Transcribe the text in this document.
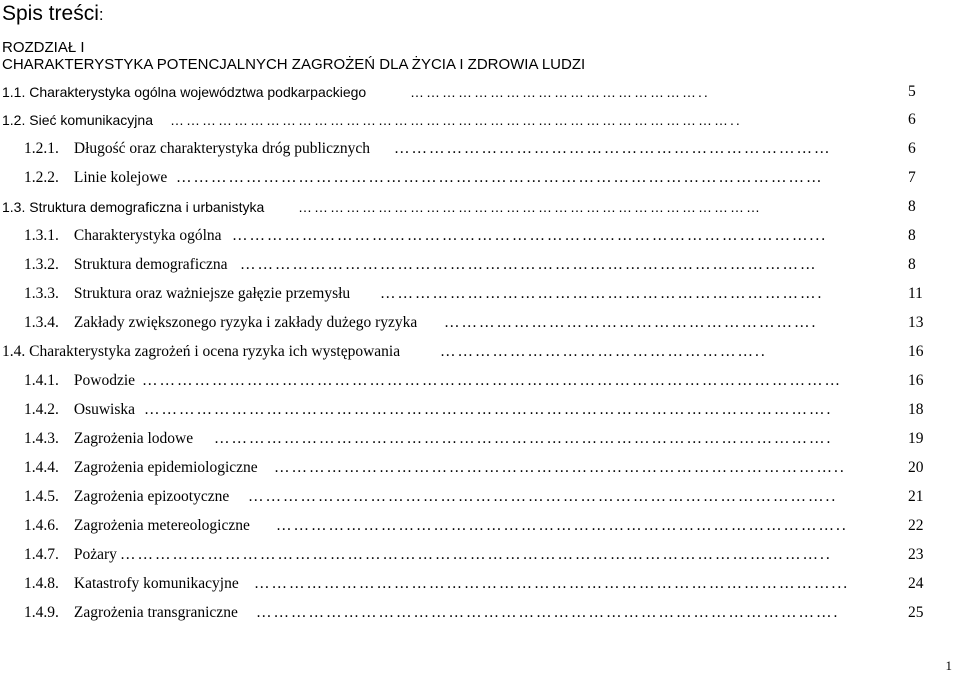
Spis treści:
ROZDZIAŁ I
CHARAKTERYSTYKA POTENCJALNYCH ZAGROŻEŃ DLA ŻYCIA I ZDROWIA LUDZI
1.1. Charakterystyka ogólna województwa podkarpackiego	………………………………………………..	5
1.2. Sieć komunikacyjna ……………………………………………………………………………………………..	6
1.2.1. Długość oraz charakterystyka dróg publicznych …………………………………………………………………	6
1.2.2. Linie kolejowe …………………………………………………………………………………………………	7
1.3. Struktura demograficzna i urbanistyka ……………………………………………………………………………	8
1.3.1. Charakterystyka ogólna ………………………………………………………………………………………...	8
1.3.2. Struktura demograficzna ………………………………………………………………………………………	8
1.3.3. Struktura oraz ważniejsze gałęzie przemysłu ………………………………………………………………….	11
1.3.4. Zakłady zwiększonego ryzyka i zakłady dużego ryzyka ……………………………………………………….	13
1.4. Charakterystyka zagrożeń i ocena ryzyka ich występowania	………………………………………………..	16
1.4.1. Powodzie …………………………………………………………………………………………………………	16
1.4.2. Osuwiska ……………………………………………………………………………………………………….	18
1.4.3. Zagrożenia lodowe …………………………………………………………………………………………….	19
1.4.4. Zagrożenia epidemiologiczne ……………………………………………………………………………………..	20
1.4.5. Zagrożenia epizootyczne ………………………………………………………………………………………..	21
1.4.6. Zagrożenia metereologiczne ……………………………………………………………………………………..	22
1.4.7. Pożary …………………………………………………………………………………………………………..	23
1.4.8. Katastrofy komunikacyjne ………………………………………………………………………………………...	24
1.4.9. Zagrożenia transgraniczne ……………………………………………………………………………………….	25
1
